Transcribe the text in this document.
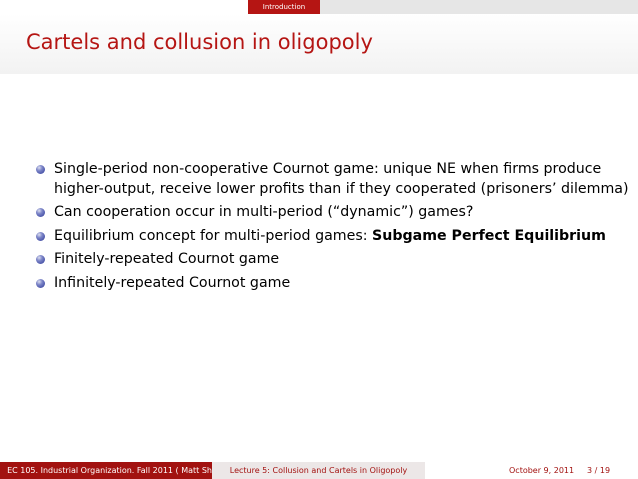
Introduction
Cartels and collusion in oligopoly
Single-period non-cooperative Cournot game: unique NE when firms produce higher-output, receive lower profits than if they cooperated (prisoners’ dilemma)
Can cooperation occur in multi-period (“dynamic”) games?
Equilibrium concept for multi-period games: Subgame Perfect Equilibrium
Finitely-repeated Cournot game
Infinitely-repeated Cournot game
EC 105. Industrial Organization. Fall 2011 ( Matt Sh	Lecture 5: Collusion and Cartels in Oligopoly	October 9, 2011 3 / 19
